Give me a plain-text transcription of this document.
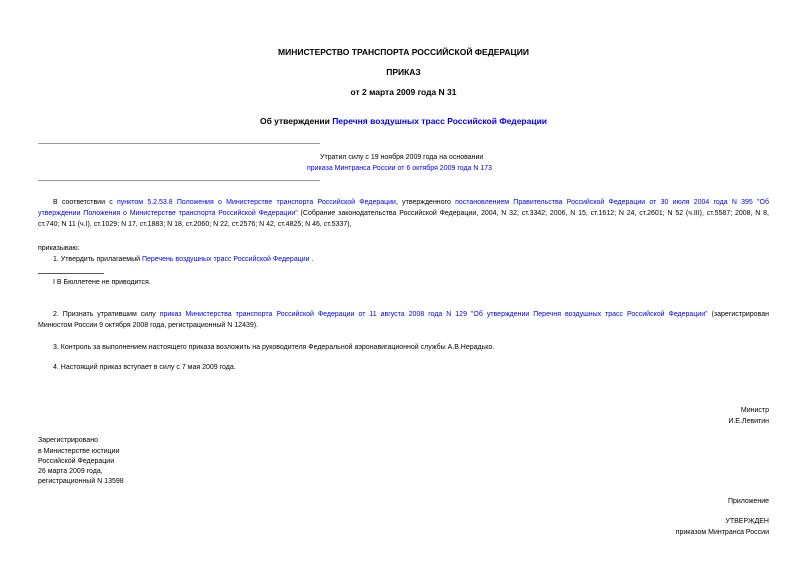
МИНИСТЕРСТВО ТРАНСПОРТА РОССИЙСКОЙ ФЕДЕРАЦИИ
ПРИКАЗ
от 2 марта 2009 года N 31
Об утверждении Перечня воздушных трасс Российской Федерации
Утратил силу с 19 ноября 2009 года на основании
приказа Минтранса России от 6 октября 2009 года N 173
В соответствии с пунктом 5.2.53.8 Положения о Министерстве транспорта Российской Федерации, утвержденного постановлением Правительства Российской Федерации от 30 июля 2004 года N 395 "Об
утверждении Положения о Министерстве транспорта Российской Федерации" (Собрание законодательства Российской Федерации, 2004, N 32, ст.3342; 2006, N 15, ст.1612; N 24, ст.2601; N 52 (ч.III), ст.5587; 2008, N 8,
ст.740; N 11 (ч.I), ст.1029; N 17, ст.1883; N 18, ст.2060; N 22, ст.2576; N 42, ст.4825; N 46, ст.5337),
приказываю:
1. Утвердить прилагаемый Перечень воздушных трасс Российской Федерации .
I В Бюллетене не приводится.
2. Признать утратившим силу приказ Министерства транспорта Российской Федерации от 11 августа 2008 года N 129 "Об утверждении Перечня воздушных трасс Российской Федерации" (зарегистрирован
Минюстом России 9 октября 2008 года, регистрационный N 12439).
3. Контроль за выполнением настоящего приказа возложить на руководителя Федеральной аэронавигационной службы А.В.Нерадько.
4. Настоящий приказ вступает в силу с 7 мая 2009 года.
Министр
И.Е.Левитин
Зарегистрировано
в Министерстве юстиции
Российской Федерации
26 марта 2009 года,
регистрационный N 13598
Приложение
УТВЕРЖДЕН
приказом Минтранса России
